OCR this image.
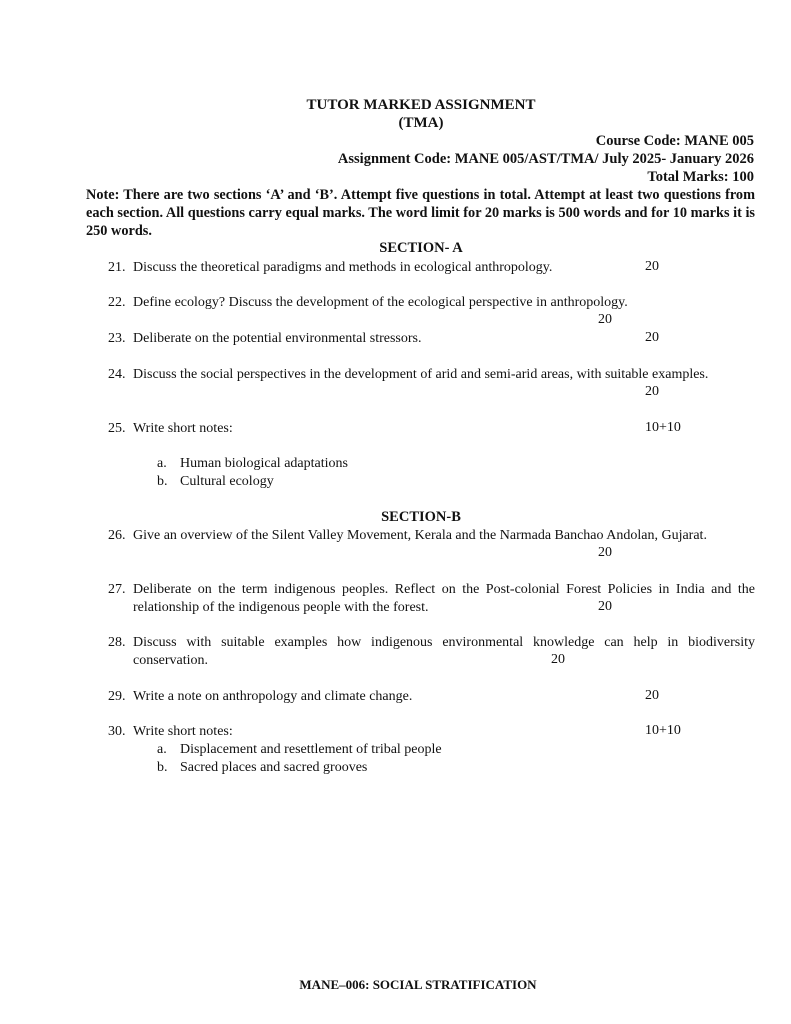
TUTOR MARKED ASSIGNMENT
(TMA)
Course Code: MANE 005
Assignment Code: MANE 005/AST/TMA/ July 2025- January 2026
Total Marks: 100
Note: There are two sections ‘A’ and ‘B’. Attempt five questions in total. Attempt at least two questions from each section. All questions carry equal marks. The word limit for 20 marks is 500 words and for 10 marks it is 250 words.
SECTION- A
21. Discuss the theoretical paradigms and methods in ecological anthropology.	20
22. Define ecology? Discuss the development of the ecological perspective in anthropology.
20
23. Deliberate on the potential environmental stressors.	20
24. Discuss the social perspectives in the development of arid and semi-arid areas, with suitable examples.
20
25. Write short notes:	10+10
a. Human biological adaptations
b. Cultural ecology
SECTION-B
26. Give an overview of the Silent Valley Movement, Kerala and the Narmada Banchao Andolan, Gujarat.
20
27. Deliberate on the term indigenous peoples. Reflect on the Post-colonial Forest Policies in India and the relationship of the indigenous people with the forest.	20
28. Discuss with suitable examples how indigenous environmental knowledge can help in biodiversity conservation.	20
29. Write a note on anthropology and climate change.	20
30. Write short notes:	10+10
a. Displacement and resettlement of tribal people
b. Sacred places and sacred grooves
MANE–006: SOCIAL STRATIFICATION
